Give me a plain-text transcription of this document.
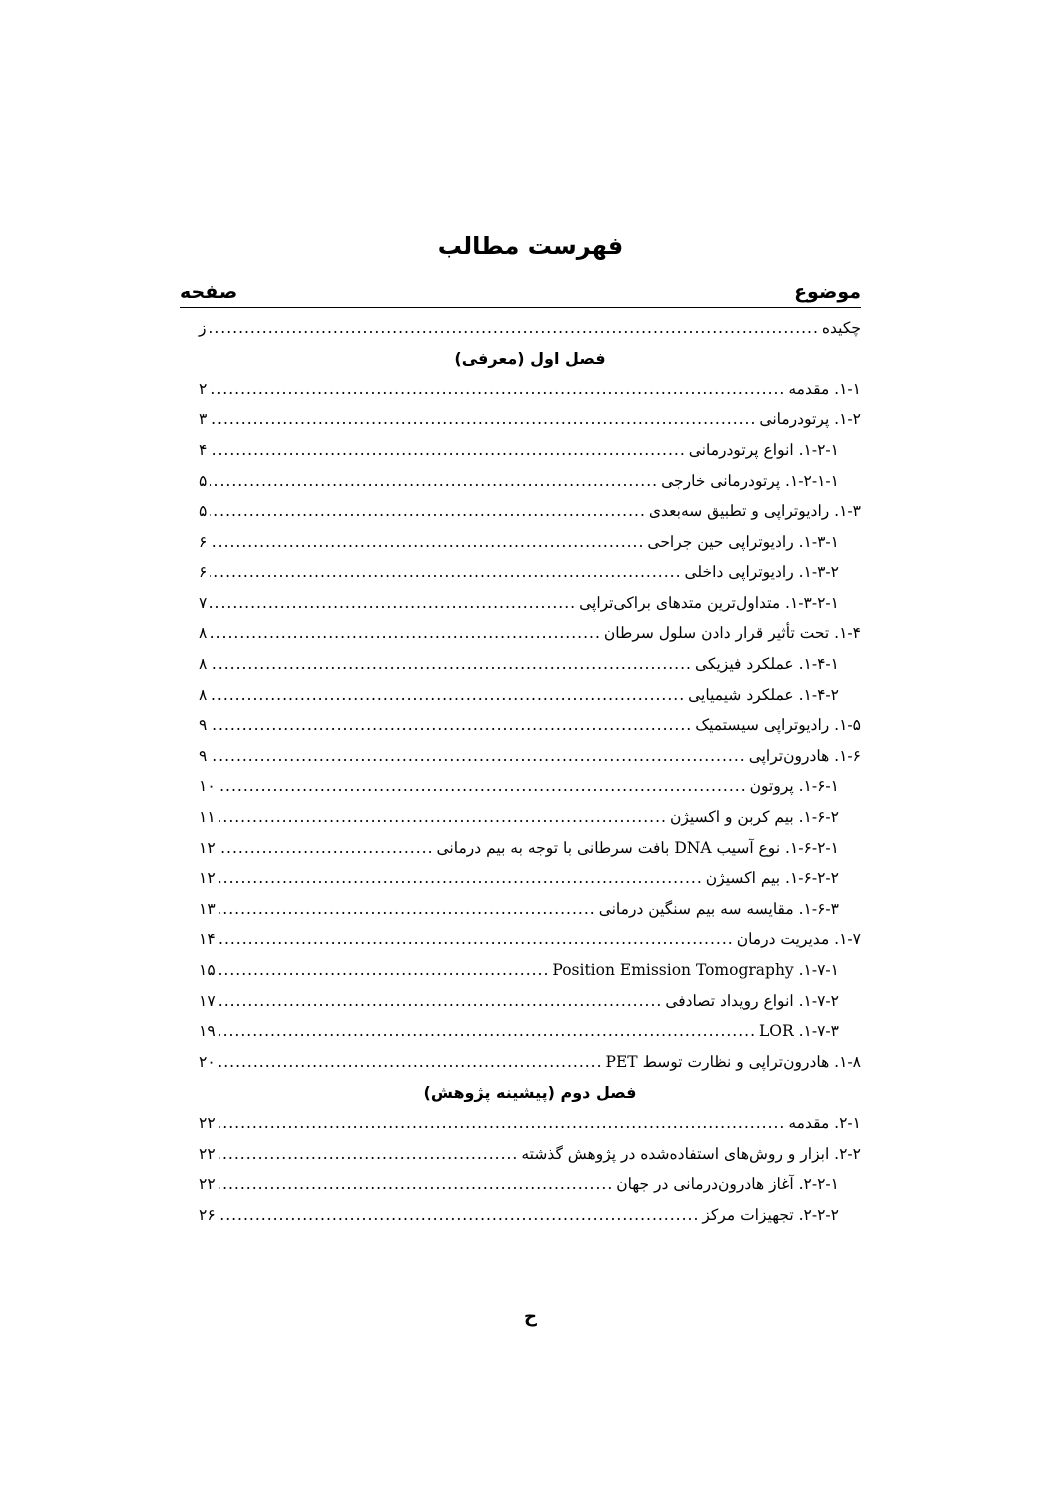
فهرست مطالب
موضوع
صفحه
چکیده
.....
ز
فصل اول (معرفی)
۱-۱. مقدمه
.....
۲
۱-۲. پرتودرمانی
.....
۳
۱-۲-۱. انواع پرتودرمانی
.....
۴
۱-۲-۱-۱. پرتودرمانی خارجی
.....
۵
۱-۳. رادیوتراپی و تطبیق سه‌بعدی
.....
۵
۱-۳-۱. رادیوتراپی حین جراحی
.....
۶
۱-۳-۲. رادیوتراپی داخلی
.....
۶
۱-۳-۲-۱. متداول‌ترین متدهای براکی‌تراپی
.....
۷
۱-۴. تحت تأثیر قرار دادن سلول سرطان
.....
۸
۱-۴-۱. عملکرد فیزیکی
.....
۸
۱-۴-۲. عملکرد شیمیایی
.....
۸
۱-۵. رادیوتراپی سیستمیک
.....
۹
۱-۶. هادرون‌تراپی
.....
۹
۱-۶-۱. پروتون
.....
۱۰
۱-۶-۲. بیم کربن و اکسیژن
.....
۱۱
۱-۶-۲-۱. نوع آسیب DNA بافت سرطانی با توجه به بیم درمانی
.....
۱۲
۱-۶-۲-۲. بیم اکسیژن
.....
۱۲
۱-۶-۳. مقایسه سه بیم سنگین درمانی
.....
۱۳
۱-۷. مدیریت درمان
.....
۱۴
۱-۷-۱. Position Emission Tomography
.....
۱۵
۱-۷-۲. انواع رویداد تصادفی
.....
۱۷
۱-۷-۳. LOR
.....
۱۹
۱-۸. هادرون‌تراپی و نظارت توسط PET
.....
۲۰
فصل دوم (پیشینه پژوهش)
۲-۱. مقدمه
.....
۲۲
۲-۲. ابزار و روش‌های استفاده‌شده در پژوهش گذشته
.....
۲۲
۲-۲-۱. آغاز هادرون‌درمانی در جهان
.....
۲۲
۲-۲-۲. تجهیزات مرکز
.....
۲۶
ح
